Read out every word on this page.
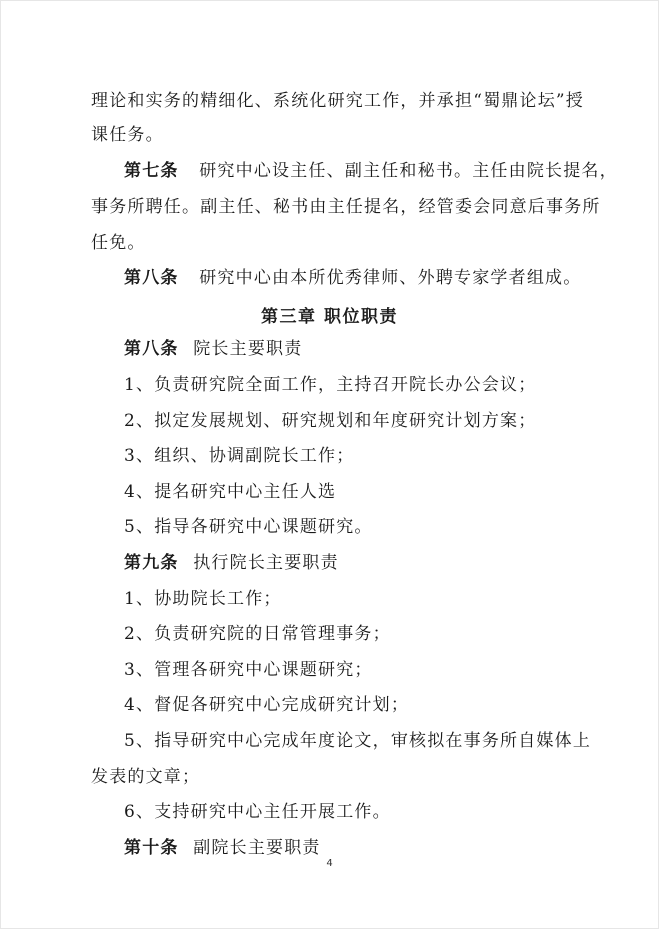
理论和实务的精细化、系统化研究工作，并承担“蜀鼎论坛”授
课任务。
第七条 研究中心设主任、副主任和秘书。主任由院长提名，
事务所聘任。副主任、秘书由主任提名，经管委会同意后事务所
任免。
第八条 研究中心由本所优秀律师、外聘专家学者组成。
第三章 职位职责
第八条 院长主要职责
1、负责研究院全面工作，主持召开院长办公会议；
2、拟定发展规划、研究规划和年度研究计划方案；
3、组织、协调副院长工作；
4、提名研究中心主任人选
5、指导各研究中心课题研究。
第九条 执行院长主要职责
1、协助院长工作；
2、负责研究院的日常管理事务；
3、管理各研究中心课题研究；
4、督促各研究中心完成研究计划；
5、指导研究中心完成年度论文，审核拟在事务所自媒体上
发表的文章；
6、支持研究中心主任开展工作。
第十条 副院长主要职责
4
